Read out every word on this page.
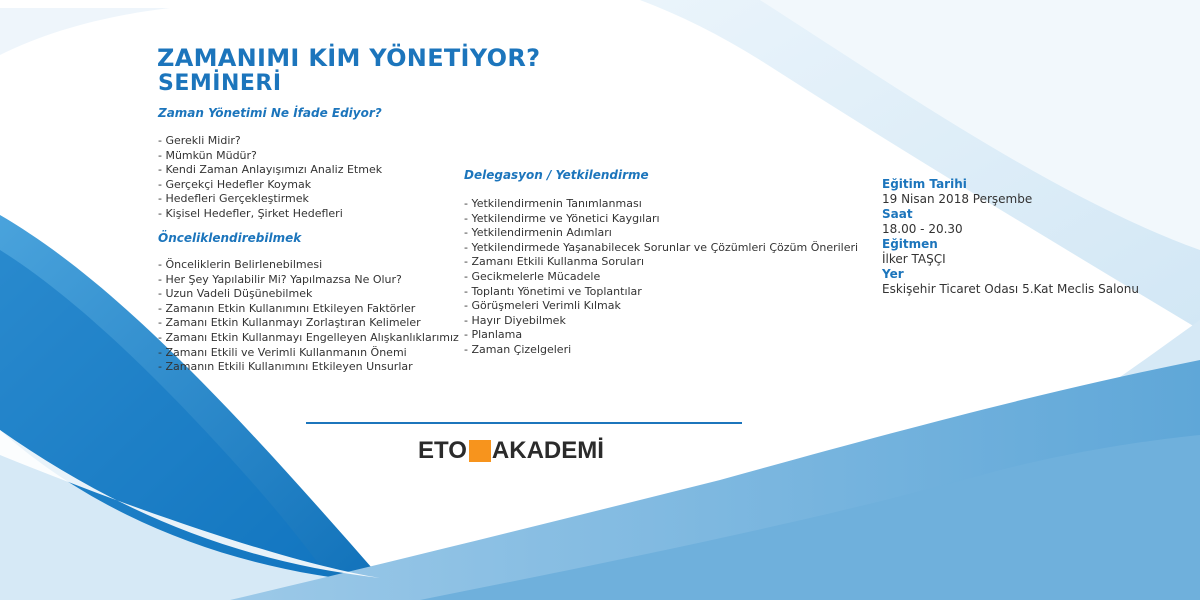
ZAMANIMI KİM YÖNETİYOR?
SEMİNERİ
Zaman Yönetimi Ne İfade Ediyor?
- Gerekli Midir?
- Mümkün Müdür?
- Kendi Zaman Anlayışımızı Analiz Etmek
- Gerçekçi Hedefler Koymak
- Hedefleri Gerçekleştirmek
- Kişisel Hedefler, Şirket Hedefleri
Önceliklendirebilmek
- Önceliklerin Belirlenebilmesi
- Her Şey Yapılabilir Mi? Yapılmazsa Ne Olur?
- Uzun Vadeli Düşünebilmek
- Zamanın Etkin Kullanımını Etkileyen Faktörler
- Zamanı Etkin Kullanmayı Zorlaştıran Kelimeler
- Zamanı Etkin Kullanmayı Engelleyen Alışkanlıklarımız
- Zamanı Etkili ve Verimli Kullanmanın Önemi
- Zamanın Etkili Kullanımını Etkileyen Unsurlar
Delegasyon / Yetkilendirme
- Yetkilendirmenin Tanımlanması
- Yetkilendirme ve Yönetici Kaygıları
- Yetkilendirmenin Adımları
- Yetkilendirmede Yaşanabilecek Sorunlar ve Çözümleri Çözüm Önerileri
- Zamanı Etkili Kullanma Soruları
- Gecikmelerle Mücadele
- Toplantı Yönetimi ve Toplantılar
- Görüşmeleri Verimli Kılmak
- Hayır Diyebilmek
- Planlama
- Zaman Çizelgeleri

Eğitim Tarihi

19 Nisan 2018 Perşembe

Saat

18.00 - 20.30

Eğitmen

İlker TAŞÇI

Yer

Eskişehir Ticaret Odası 5.Kat Meclis Salonu

ETO AKADEMİ
